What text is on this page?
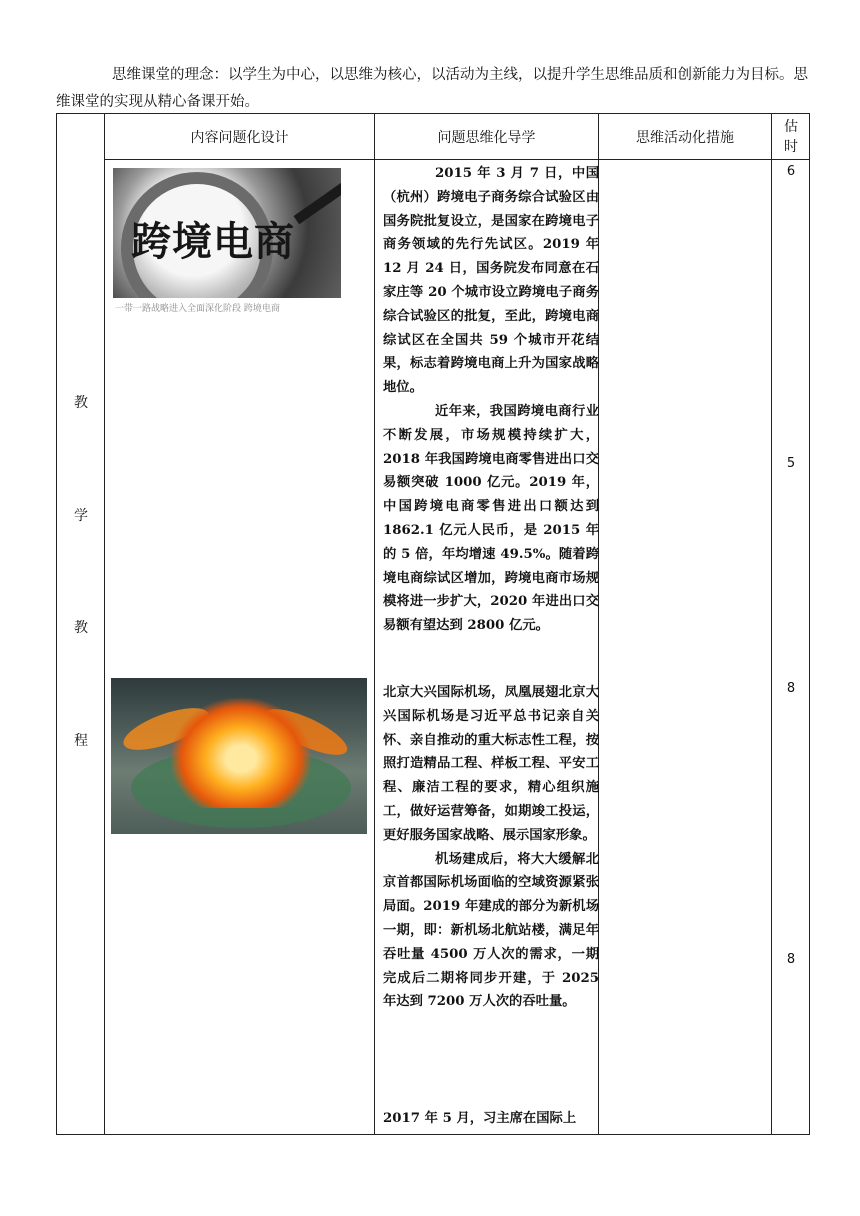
思维课堂的理念：以学生为中心，以思维为核心，以活动为主线，以提升学生思维品质和创新能力为目标。思维课堂的实现从精心备课开始。

内容问题化设计	问题思维化导学	思维活动化措施
估时
教
学
教
程
跨境电商
一带一路战略进入全面深化阶段 跨境电商

2015 年 3 月 7 日，中国（杭州）跨境电子商务综合试验区由国务院批复设立，是国家在跨境电子商务领域的先行先试区。2019 年 12 月 24 日，国务院发布同意在石家庄等 20 个城市设立跨境电子商务综合试验区的批复，至此，跨境电商综试区在全国共 59 个城市开花结果，标志着跨境电商上升为国家战略地位。

近年来，我国跨境电商行业不断发展，市场规模持续扩大，2018 年我国跨境电商零售进出口交易额突破 1000 亿元。2019 年，中国跨境电商零售进出口额达到 1862.1 亿元人民币，是 2015 年的 5 倍，年均增速 49.5%。随着跨境电商综试区增加，跨境电商市场规模将进一步扩大，2020 年进出口交易额有望达到 2800 亿元。

北京大兴国际机场，凤凰展翅北京大兴国际机场是习近平总书记亲自关怀、亲自推动的重大标志性工程，按照打造精品工程、样板工程、平安工程、廉洁工程的要求，精心组织施工，做好运营筹备，如期竣工投运，更好服务国家战略、展示国家形象。

机场建成后，将大大缓解北京首都国际机场面临的空域资源紧张局面。2019 年建成的部分为新机场一期，即：新机场北航站楼，满足年吞吐量 4500 万人次的需求，一期完成后二期将同步开建，于 2025 年达到 7200 万人次的吞吐量。

2017 年 5 月，习主席在国际上

6
5
8
8
